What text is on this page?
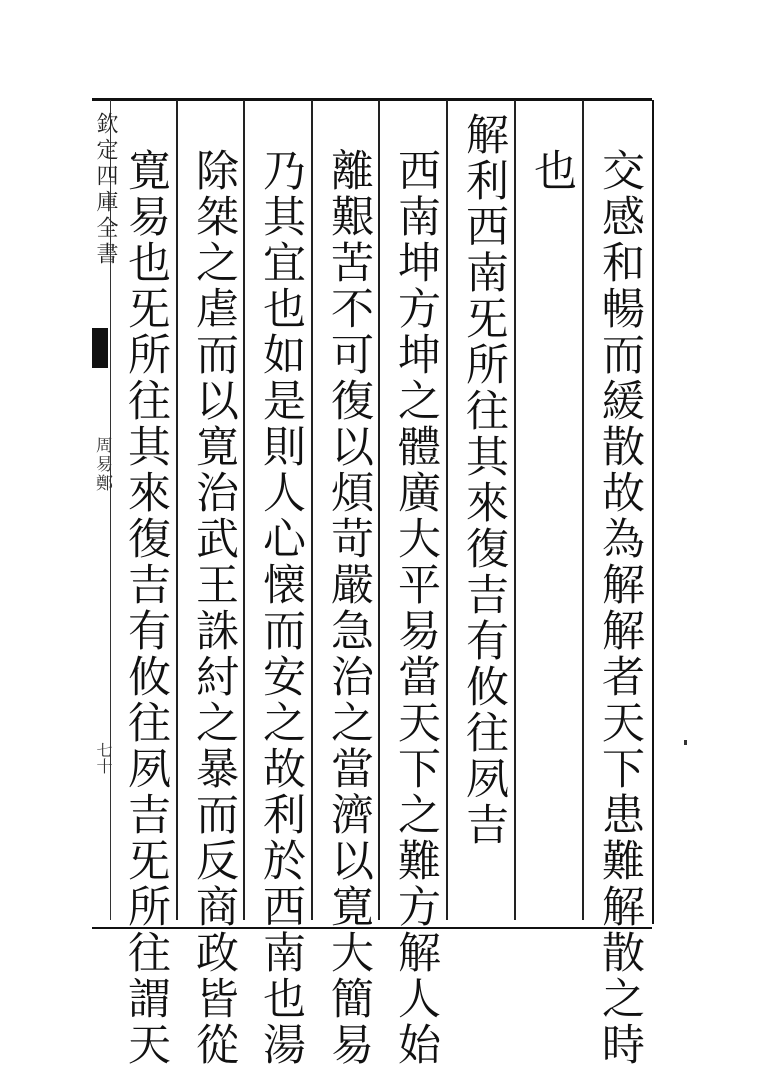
欽定四庫全書
周易鄭
七十	交感和暢而緩散故為解解者天下患難解散之時
也
解利西南旡所往其來復吉有攸往夙吉
西南坤方坤之體廣大平易當天下之難方解人始
離艱苦不可復以煩苛嚴急治之當濟以寛大簡易
乃其宜也如是則人心懐而安之故利於西南也湯
除桀之虐而以寛治武王誅紂之暴而反商政皆從
寛易也旡所往其來復吉有攸往夙吉旡所往謂天
